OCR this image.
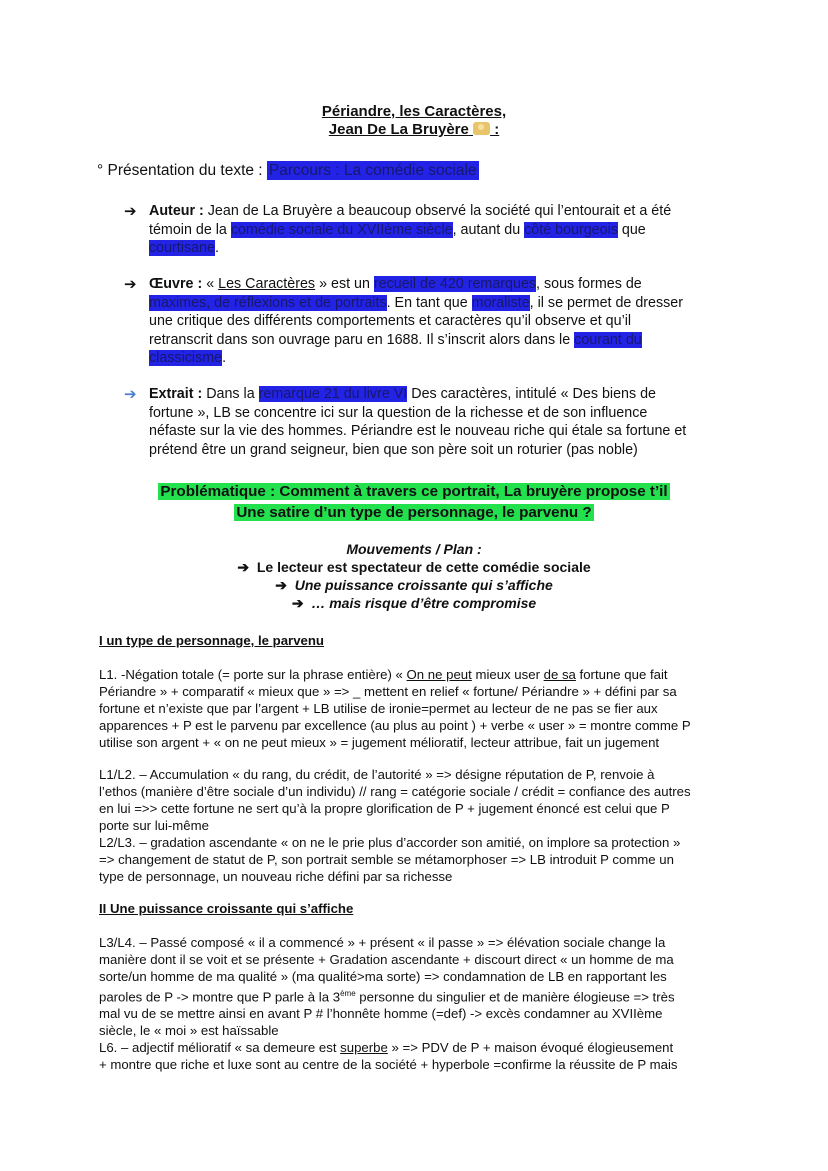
Périandre, les Caractères,
Jean De La Bruyère  :
° Présentation du texte : Parcours : La comédie sociale
➔ Auteur : Jean de La Bruyère a beaucoup observé la société qui l’entourait et a été
témoin de la comédie sociale du XVIIème siècle, autant du côté bourgeois que
courtisane.
➔ Œuvre : « Les Caractères » est un recueil de 420 remarques, sous formes de
maximes, de réflexions et de portraits. En tant que moraliste, il se permet de dresser
une critique des différents comportements et caractères qu’il observe et qu’il
retranscrit dans son ouvrage paru en 1688. Il s’inscrit alors dans le courant du
classicisme.
➔ Extrait : Dans la remarque 21 du livre VI Des caractères, intitulé « Des biens de
fortune », LB se concentre ici sur la question de la richesse et de son influence
néfaste sur la vie des hommes. Périandre est le nouveau riche qui étale sa fortune et
prétend être un grand seigneur, bien que son père soit un roturier (pas noble)
Problématique : Comment à travers ce portrait, La bruyère propose t’il
Une satire d’un type de personnage, le parvenu ?
Mouvements / Plan :
➔ Le lecteur est spectateur de cette comédie sociale
➔ Une puissance croissante qui s’affiche
➔ … mais risque d’être compromise
I un type de personnage, le parvenu
L1. -Négation totale (= porte sur la phrase entière) « On ne peut mieux user de sa fortune que fait
Périandre » + comparatif « mieux que » => _ mettent en relief « fortune/ Périandre » + défini par sa
fortune et n’existe que par l’argent + LB utilise de ironie=permet au lecteur de ne pas se fier aux
apparences + P est le parvenu par excellence (au plus au point ) + verbe « user » = montre comme P
utilise son argent + « on ne peut mieux » = jugement mélioratif, lecteur attribue, fait un jugement
L1/L2. – Accumulation « du rang, du crédit, de l’autorité » => désigne réputation de P, renvoie à
l’ethos (manière d’être sociale d’un individu) // rang = catégorie sociale / crédit = confiance des autres
en lui =>> cette fortune ne sert qu’à la propre glorification de P + jugement énoncé est celui que P
porte sur lui-même
L2/L3. – gradation ascendante « on ne le prie plus d’accorder son amitié, on implore sa protection »
=> changement de statut de P, son portrait semble se métamorphoser => LB introduit P comme un
type de personnage, un nouveau riche défini par sa richesse
II Une puissance croissante qui s’affiche
L3/L4. – Passé composé « il a commencé » + présent « il passe » => élévation sociale change la
manière dont il se voit et se présente + Gradation ascendante + discourt direct « un homme de ma
sorte/un homme de ma qualité » (ma qualité>ma sorte) => condamnation de LB en rapportant les
paroles de P -> montre que P parle à la 3ème personne du singulier et de manière élogieuse => très
mal vu de se mettre ainsi en avant P # l’honnête homme (=def) -> excès condamner au XVIIème
siècle, le « moi » est haïssable
L6. – adjectif mélioratif « sa demeure est superbe » => PDV de P + maison évoqué élogieusement
+ montre que riche et luxe sont au centre de la société + hyperbole =confirme la réussite de P mais
